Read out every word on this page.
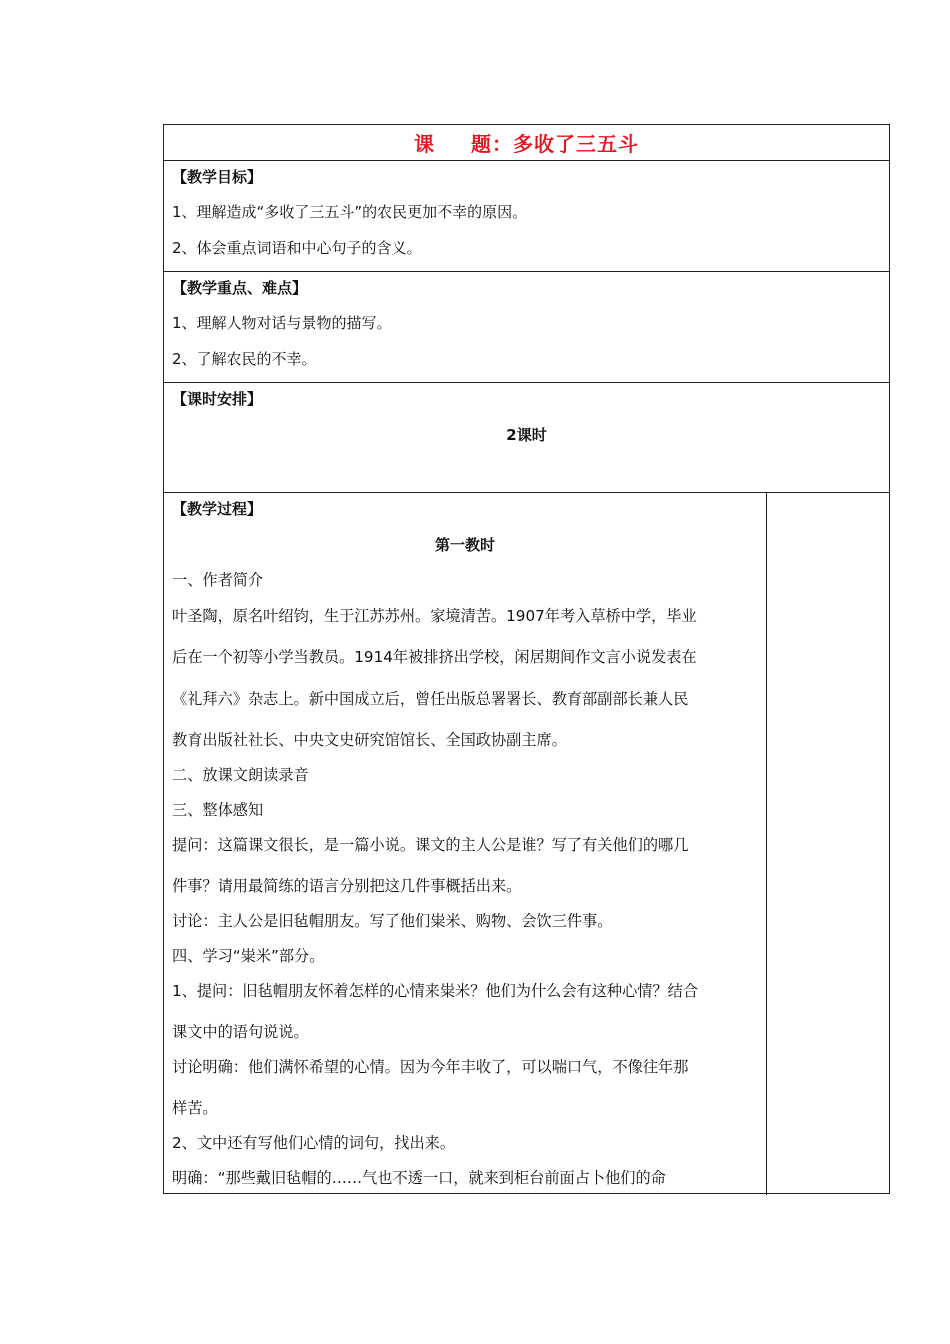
课 题：多收了三五斗
【教学目标】
1、理解造成“多收了三五斗”的农民更加不幸的原因。
2、体会重点词语和中心句子的含义。
【教学重点、难点】
1、理解人物对话与景物的描写。
2、了解农民的不幸。
【课时安排】
2课时
【教学过程】
第一教时
一、作者简介
叶圣陶，原名叶绍钧，生于江苏苏州。家境清苦。1907年考入草桥中学，毕业
后在一个初等小学当教员。1914年被排挤出学校，闲居期间作文言小说发表在
《礼拜六》杂志上。新中国成立后，曾任出版总署署长、教育部副部长兼人民
教育出版社社长、中央文史研究馆馆长、全国政协副主席。
二、放课文朗读录音
三、整体感知
提问：这篇课文很长，是一篇小说。课文的主人公是谁？写了有关他们的哪几
件事？请用最简练的语言分别把这几件事概括出来。
讨论：主人公是旧毡帽朋友。写了他们粜米、购物、会饮三件事。
四、学习“粜米”部分。
1、提问：旧毡帽朋友怀着怎样的心情来粜米？他们为什么会有这种心情？结合
课文中的语句说说。
讨论明确：他们满怀希望的心情。因为今年丰收了，可以喘口气，不像往年那
样苦。
2、文中还有写他们心情的词句，找出来。
明确：“那些戴旧毡帽的……气也不透一口，就来到柜台前面占卜他们的命
